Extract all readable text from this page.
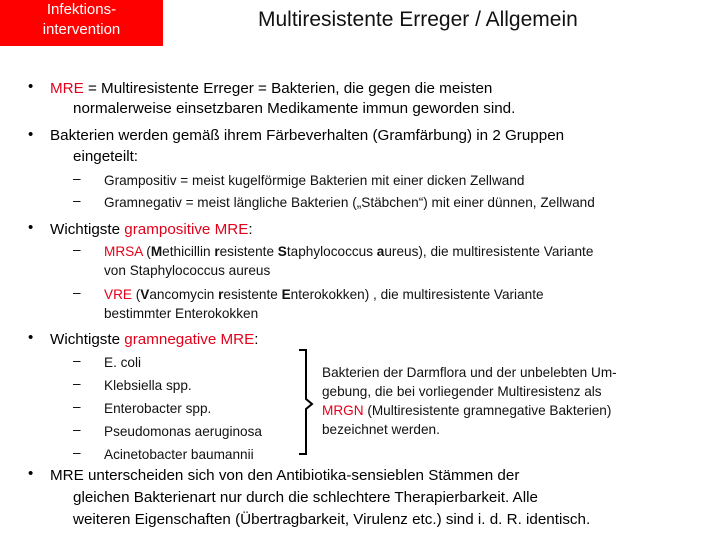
Infektions-
intervention	Multiresistente Erreger / Allgemein
• MRE = Multiresistente Erreger = Bakterien, die gegen die meisten
normalerweise einsetzbaren Medikamente immun geworden sind.
• Bakterien werden gemäß ihrem Färbeverhalten (Gramfärbung) in 2 Gruppen
eingeteilt:
– Grampositiv = meist kugelförmige Bakterien mit einer dicken Zellwand
– Gramnegativ = meist längliche Bakterien („Stäbchen“) mit einer dünnen, Zellwand
• Wichtigste grampositive MRE:
– MRSA (Methicillin resistente Staphylococcus aureus), die multiresistente Variante
von Staphylococcus aureus
– VRE (Vancomycin resistente Enterokokken) , die multiresistente Variante
bestimmter Enterokokken
• Wichtigste gramnegative MRE:
– E. coli
– Klebsiella spp.
– Enterobacter spp.
– Pseudomonas aeruginosa
– Acinetobacter baumannii
Bakterien der Darmflora und der unbelebten Um-
gebung, die bei vorliegender Multiresistenz als
MRGN (Multiresistente gramnegative Bakterien)
bezeichnet werden.
• MRE unterscheiden sich von den Antibiotika-sensieblen Stämmen der
gleichen Bakterienart nur durch die schlechtere Therapierbarkeit. Alle
weiteren Eigenschaften (Übertragbarkeit, Virulenz etc.) sind i. d. R. identisch.
